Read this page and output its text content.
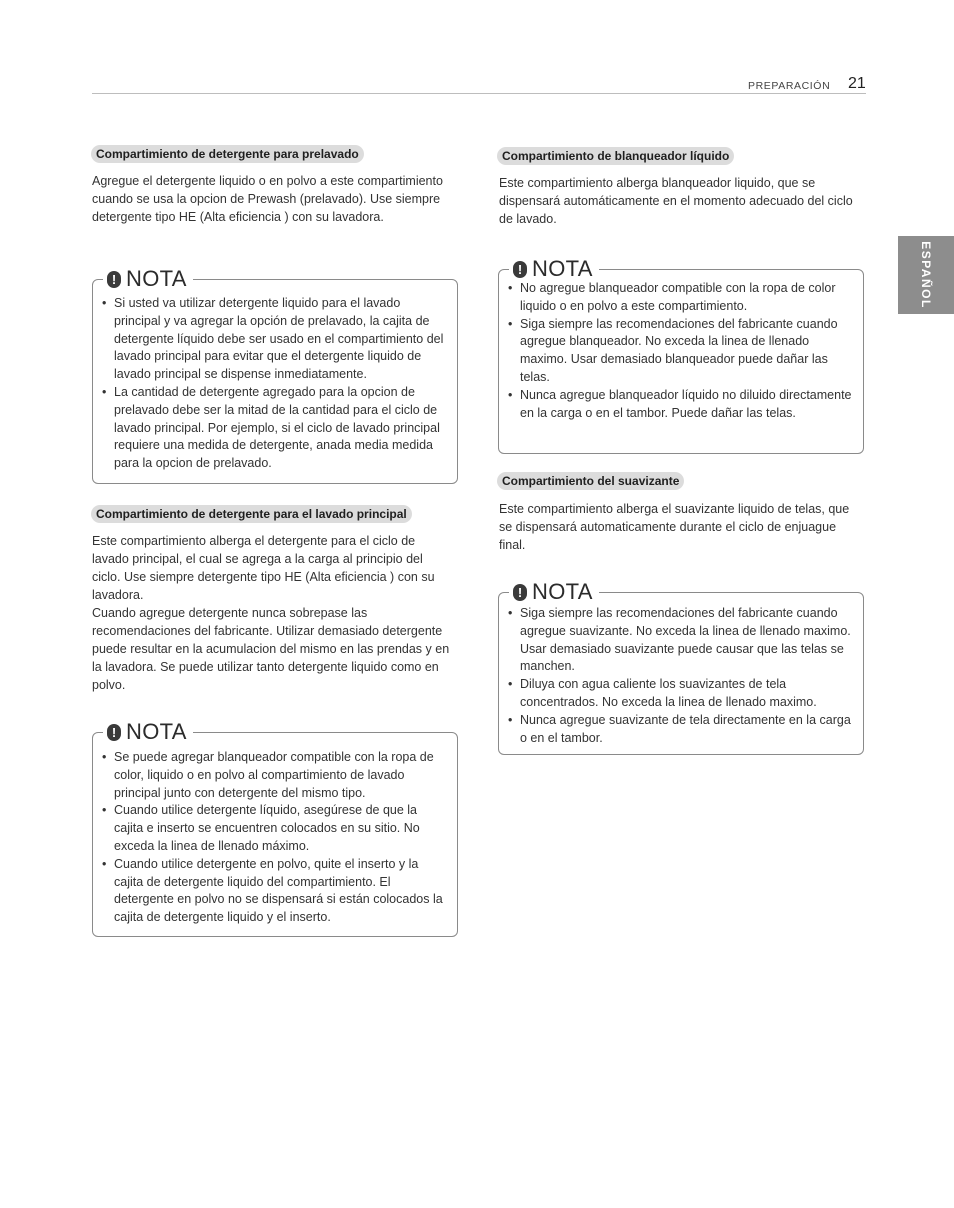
PREPARACIÓN 21
ESPAÑOL
Compartimiento de detergente para prelavado
Agregue el detergente liquido o en polvo a este compartimiento cuando se usa la opcion de Prewash (prelavado). Use siempre detergente tipo HE (Alta eficiencia ) con su lavadora.
! NOTA
• Si usted va utilizar detergente liquido para el lavado principal y va agregar la opción de prelavado, la cajita de detergente líquido debe ser usado en el compartimiento del lavado principal para evitar que el detergente liquido de lavado principal se dispense inmediatamente.
• La cantidad de detergente agregado para la opcion de prelavado debe ser la mitad de la cantidad para el ciclo de lavado principal. Por ejemplo, si el ciclo de lavado principal requiere una medida de detergente, anada media medida para la opcion de prelavado.
Compartimiento de detergente para el lavado principal

Este compartimiento alberga el detergente para el ciclo de lavado principal, el cual se agrega a la carga al principio del ciclo. Use siempre detergente tipo HE (Alta eficiencia ) con su lavadora.

Cuando agregue detergente nunca sobrepase las recomendaciones del fabricante. Utilizar demasiado detergente puede resultar en la acumulacion del mismo en las prendas y en la lavadora. Se puede utilizar tanto detergente liquido como en polvo.

! NOTA
• Se puede agregar blanqueador compatible con la ropa de color, liquido o en polvo al compartimiento de lavado principal junto con detergente del mismo tipo.
• Cuando utilice detergente líquido, asegúrese de que la cajita e inserto se encuentren colocados en su sitio. No exceda la linea de llenado máximo.
• Cuando utilice detergente en polvo, quite el inserto y la cajita de detergente liquido del compartimiento. El detergente en polvo no se dispensará si están colocados la cajita de detergente liquido y el inserto.
Compartimiento de blanqueador líquido
Este compartimiento alberga blanqueador liquido, que se dispensará automáticamente en el momento adecuado del ciclo de lavado.
! NOTA
• No agregue blanqueador compatible con la ropa de color liquido o en polvo a este compartimiento.
• Siga siempre las recomendaciones del fabricante cuando agregue blanqueador. No exceda la linea de llenado maximo. Usar demasiado blanqueador puede dañar las telas.
• Nunca agregue blanqueador líquido no diluido directamente en la carga o en el tambor. Puede dañar las telas.
Compartimiento del suavizante
Este compartimiento alberga el suavizante liquido de telas, que se dispensará automaticamente durante el ciclo de enjuague final.
! NOTA
• Siga siempre las recomendaciones del fabricante cuando agregue suavizante. No exceda la linea de llenado maximo. Usar demasiado suavizante puede causar que las telas se manchen.
• Diluya con agua caliente los suavizantes de tela concentrados. No exceda la linea de llenado maximo.
• Nunca agregue suavizante de tela directamente en la carga o en el tambor.
